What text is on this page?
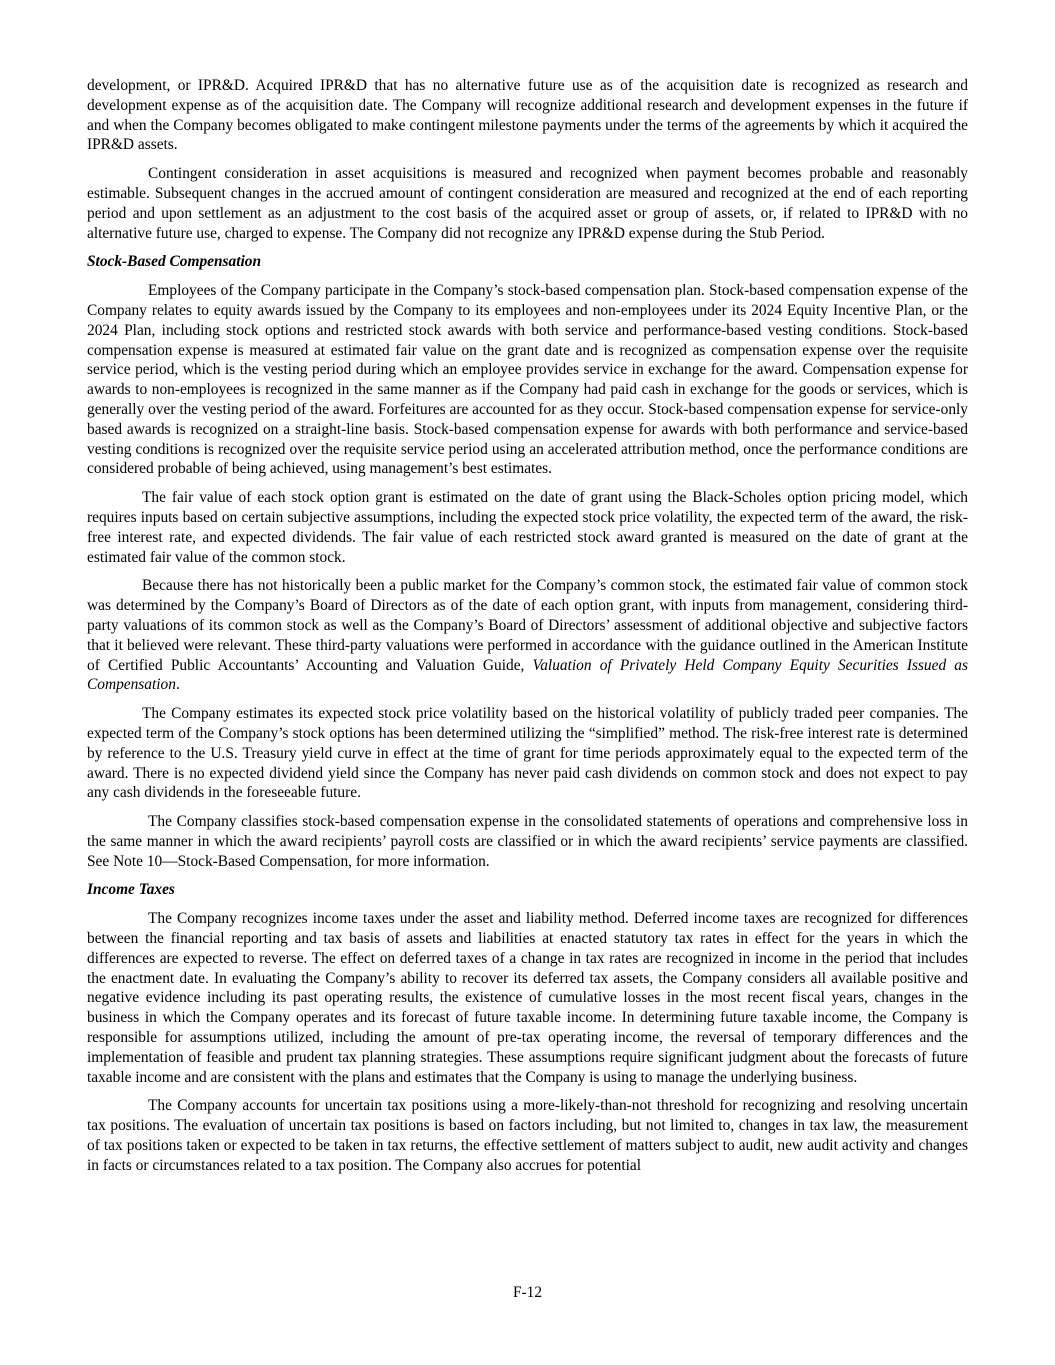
development, or IPR&D. Acquired IPR&D that has no alternative future use as of the acquisition date is recognized as research and development expense as of the acquisition date. The Company will recognize additional research and development expenses in the future if and when the Company becomes obligated to make contingent milestone payments under the terms of the agreements by which it acquired the IPR&D assets.

Contingent consideration in asset acquisitions is measured and recognized when payment becomes probable and reasonably estimable. Subsequent changes in the accrued amount of contingent consideration are measured and recognized at the end of each reporting period and upon settlement as an adjustment to the cost basis of the acquired asset or group of assets, or, if related to IPR&D with no alternative future use, charged to expense. The Company did not recognize any IPR&D expense during the Stub Period.

Stock-Based Compensation

Employees of the Company participate in the Company’s stock-based compensation plan. Stock-based compensation expense of the Company relates to equity awards issued by the Company to its employees and non-employees under its 2024 Equity Incentive Plan, or the 2024 Plan, including stock options and restricted stock awards with both service and performance-based vesting conditions. Stock-based compensation expense is measured at estimated fair value on the grant date and is recognized as compensation expense over the requisite service period, which is the vesting period during which an employee provides service in exchange for the award. Compensation expense for awards to non-employees is recognized in the same manner as if the Company had paid cash in exchange for the goods or services, which is generally over the vesting period of the award. Forfeitures are accounted for as they occur. Stock-based compensation expense for service-only based awards is recognized on a straight-line basis. Stock-based compensation expense for awards with both performance and service-based vesting conditions is recognized over the requisite service period using an accelerated attribution method, once the performance conditions are considered probable of being achieved, using management’s best estimates.

The fair value of each stock option grant is estimated on the date of grant using the Black-Scholes option pricing model, which requires inputs based on certain subjective assumptions, including the expected stock price volatility, the expected term of the award, the risk-free interest rate, and expected dividends. The fair value of each restricted stock award granted is measured on the date of grant at the estimated fair value of the common stock.

Because there has not historically been a public market for the Company’s common stock, the estimated fair value of common stock was determined by the Company’s Board of Directors as of the date of each option grant, with inputs from management, considering third-party valuations of its common stock as well as the Company’s Board of Directors’ assessment of additional objective and subjective factors that it believed were relevant. These third-party valuations were performed in accordance with the guidance outlined in the American Institute of Certified Public Accountants’ Accounting and Valuation Guide, Valuation of Privately Held Company Equity Securities Issued as Compensation.

The Company estimates its expected stock price volatility based on the historical volatility of publicly traded peer companies. The expected term of the Company’s stock options has been determined utilizing the “simplified” method. The risk-free interest rate is determined by reference to the U.S. Treasury yield curve in effect at the time of grant for time periods approximately equal to the expected term of the award. There is no expected dividend yield since the Company has never paid cash dividends on common stock and does not expect to pay any cash dividends in the foreseeable future.

The Company classifies stock-based compensation expense in the consolidated statements of operations and comprehensive loss in the same manner in which the award recipients’ payroll costs are classified or in which the award recipients’ service payments are classified. See Note 10—Stock-Based Compensation, for more information.

Income Taxes

The Company recognizes income taxes under the asset and liability method. Deferred income taxes are recognized for differences between the financial reporting and tax basis of assets and liabilities at enacted statutory tax rates in effect for the years in which the differences are expected to reverse. The effect on deferred taxes of a change in tax rates are recognized in income in the period that includes the enactment date. In evaluating the Company’s ability to recover its deferred tax assets, the Company considers all available positive and negative evidence including its past operating results, the existence of cumulative losses in the most recent fiscal years, changes in the business in which the Company operates and its forecast of future taxable income. In determining future taxable income, the Company is responsible for assumptions utilized, including the amount of pre-tax operating income, the reversal of temporary differences and the implementation of feasible and prudent tax planning strategies. These assumptions require significant judgment about the forecasts of future taxable income and are consistent with the plans and estimates that the Company is using to manage the underlying business.

The Company accounts for uncertain tax positions using a more-likely-than-not threshold for recognizing and resolving uncertain tax positions. The evaluation of uncertain tax positions is based on factors including, but not limited to, changes in tax law, the measurement of tax positions taken or expected to be taken in tax returns, the effective settlement of matters subject to audit, new audit activity and changes in facts or circumstances related to a tax position. The Company also accrues for potential

F-12
